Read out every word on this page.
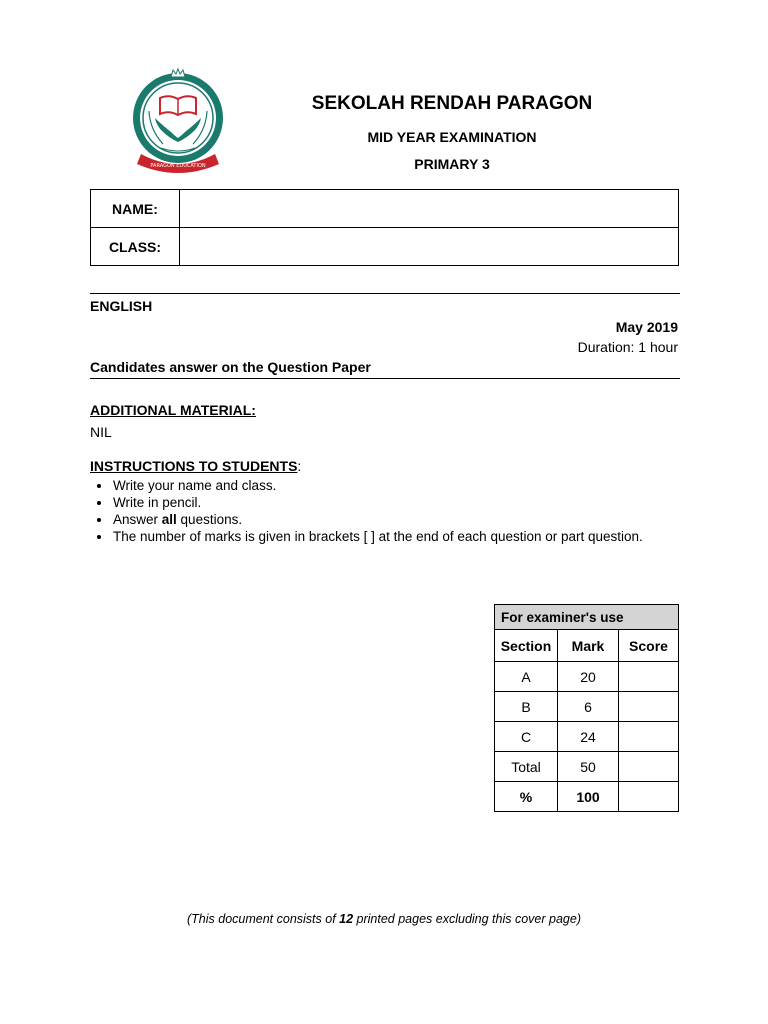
PARAGON EDUCATION
SEKOLAH RENDAH PARAGON
MID YEAR EXAMINATION
PRIMARY 3
NAME:	
CLASS:	
ENGLISH
May 2019
Duration: 1 hour
Candidates answer on the Question Paper
ADDITIONAL MATERIAL:
NIL
INSTRUCTIONS TO STUDENTS:
• Write your name and class.
• Write in pencil.
• Answer all questions.
• The number of marks is given in brackets [ ] at the end of each question or part question.
For examiner's use		
Section	Mark	Score
A	20	
B	6	
C	24	
Total	50	
%	100	
(This document consists of 12 printed pages excluding this cover page)
